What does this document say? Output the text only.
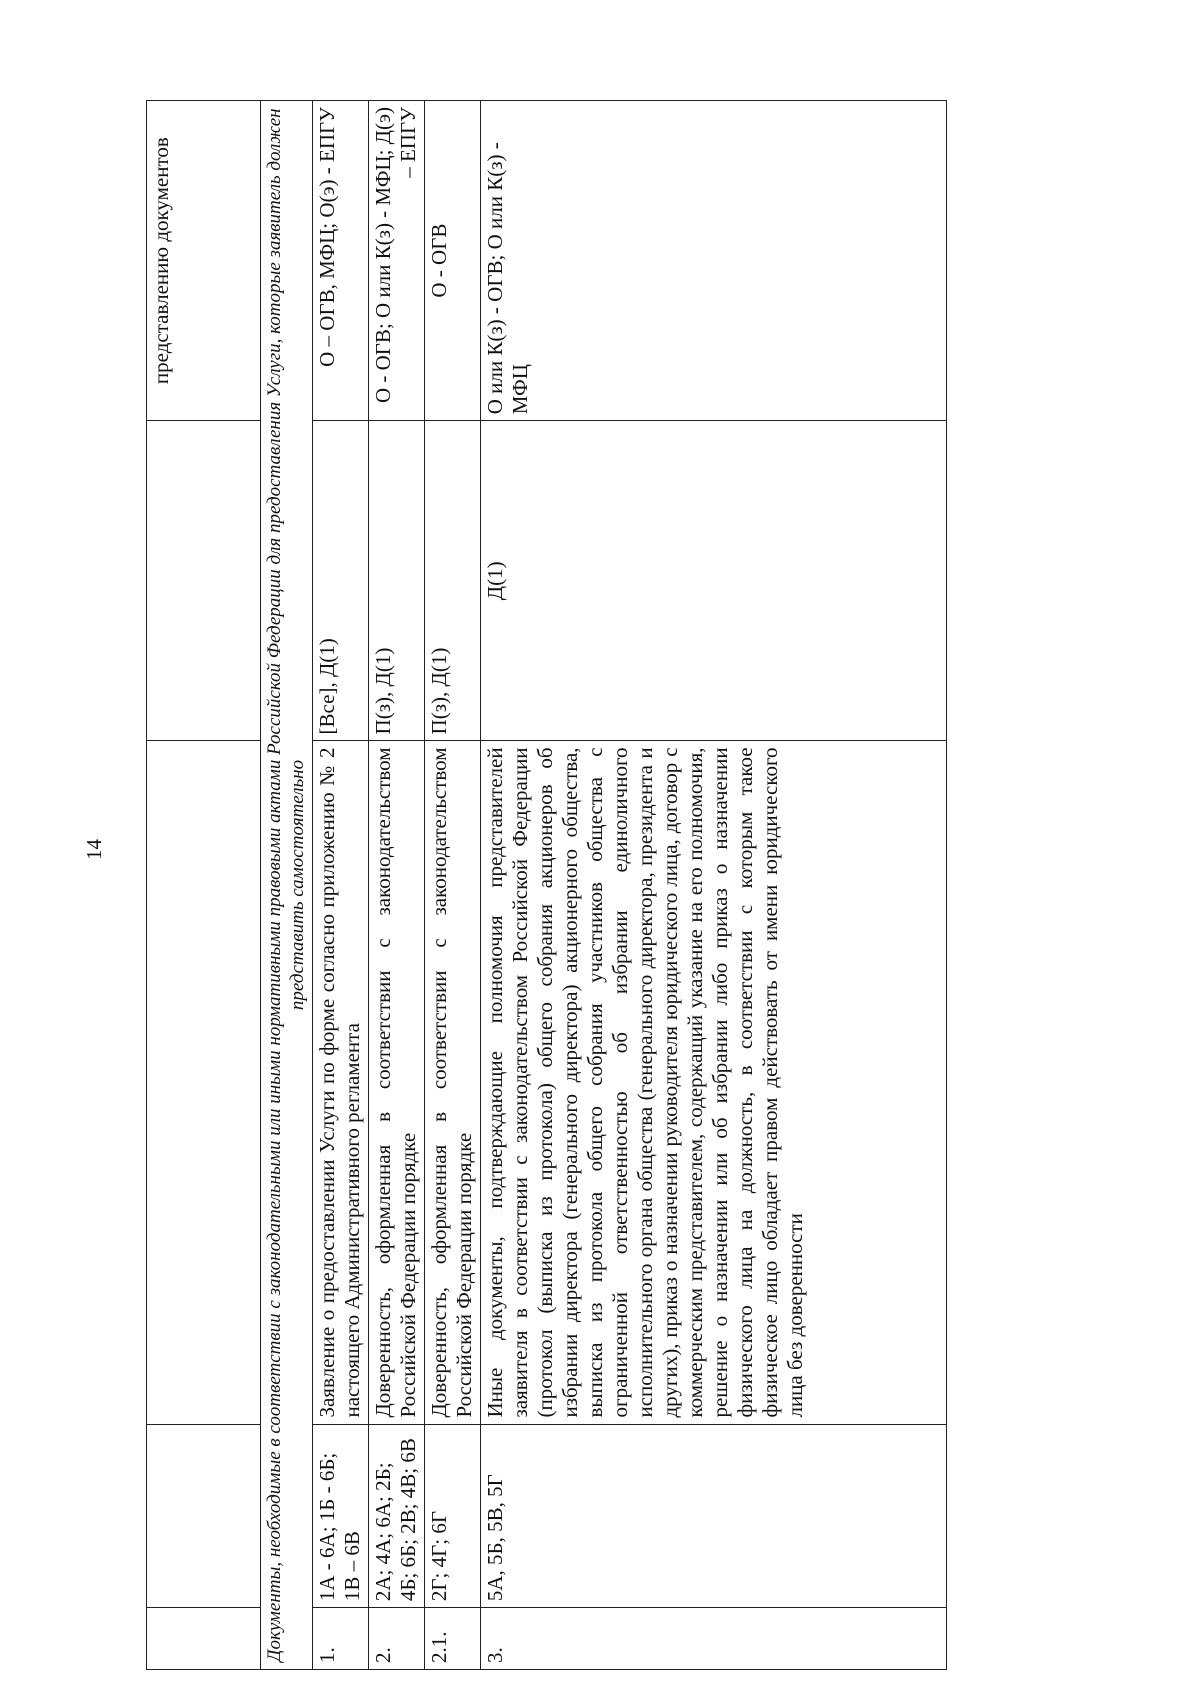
14
				представлению документов
Документы, необходимые в соответствии с законодательными или иными нормативными правовыми актами Российской Федерации для предоставления Услуги, которые заявитель должен представить самостоятельно				
1.	1А - 6А; 1Б - 6Б; 1В – 6В	Заявление о предоставлении Услуги по форме согласно приложению № 2 настоящего Административного регламента	[Все], Д(1)	О – ОГВ, МФЦ; О(э) - ЕПГУ
2.	2А; 4А; 6А; 2Б; 4Б; 6Б; 2В; 4В; 6В	Доверенность, оформленная в соответствии с законодательством Российской Федерации порядке	П(з), Д(1)	О - ОГВ; О или К(з) - МФЦ; Д(э) – ЕПГУ
2.1.	2Г; 4Г; 6Г	Доверенность, оформленная в соответствии с законодательством Российской Федерации порядке	П(з), Д(1)	О - ОГВ
3.	5А, 5Б, 5В, 5Г	Иные документы, подтверждающие полномочия представителей заявителя в соответствии с законодательством Российской Федерации (протокол (выписка из протокола) общего собрания акционеров об избрании директора (генерального директора) акционерного общества, выписка из протокола общего собрания участников общества с ограниченной ответственностью об избрании единоличного исполнительного органа общества (генерального директора, президента и других), приказ о назначении руководителя юридического лица, договор с коммерческим представителем, содержащий указание на его полномочия, решение о назначении или об избрании либо приказ о назначении физического лица на должность, в соответствии с которым такое физическое лицо обладает правом действовать от имени юридического лица без доверенности	Д(1)	О или К(з) - ОГВ; О или К(з) - МФЦ
